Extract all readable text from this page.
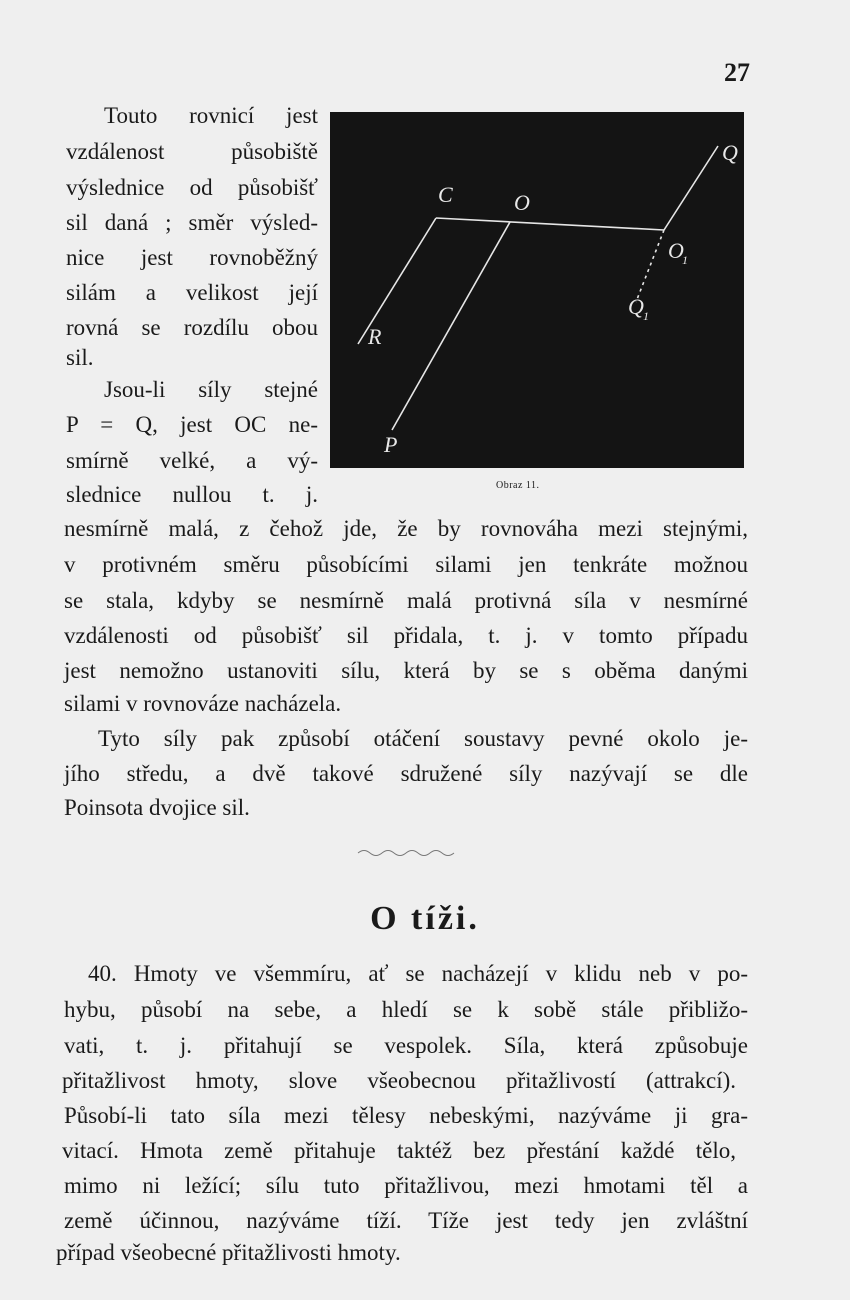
27
Touto rovnicí jest
vzdálenost působiště
výslednice od působišť
sil daná ; směr výsled-
nice jest rovnoběžný
silám a velikost její
rovná se rozdílu obou
sil.
Jsou-li síly stejné
P = Q, jest OC ne-
smírně velké, a vý-
slednice nullou t. j.
C	O
Q
O
1
Q 1
R
P
Obraz 11.
nesmírně malá, z čehož jde, že by rovnováha mezi stejnými,
v protivném směru působícími silami jen tenkráte možnou
se stala, kdyby se nesmírně malá protivná síla v nesmírné
vzdálenosti od působišť sil přidala, t. j. v tomto případu
jest nemožno ustanoviti sílu, která by se s oběma danými
silami v rovnováze nacházela.
Tyto síly pak způsobí otáčení soustavy pevné okolo je-
jího středu, a dvě takové sdružené síly nazývají se dle
Poinsota dvojice sil.
O tíži.
40. Hmoty ve všemmíru, ať se nacházejí v klidu neb v po-
hybu, působí na sebe, a hledí se k sobě stále přibližo-
vati, t. j. přitahují se vespolek. Síla, která způsobuje
přitažlivost hmoty, slove všeobecnou přitažlivostí (attrakcí).
Působí-li tato síla mezi tělesy nebeskými, nazýváme ji gra-
vitací. Hmota země přitahuje taktéž bez přestání každé tělo,
mimo ni ležící; sílu tuto přitažlivou, mezi hmotami těl a
země účinnou, nazýváme tíží. Tíže jest tedy jen zvláštní
případ všeobecné přitažlivosti hmoty.
